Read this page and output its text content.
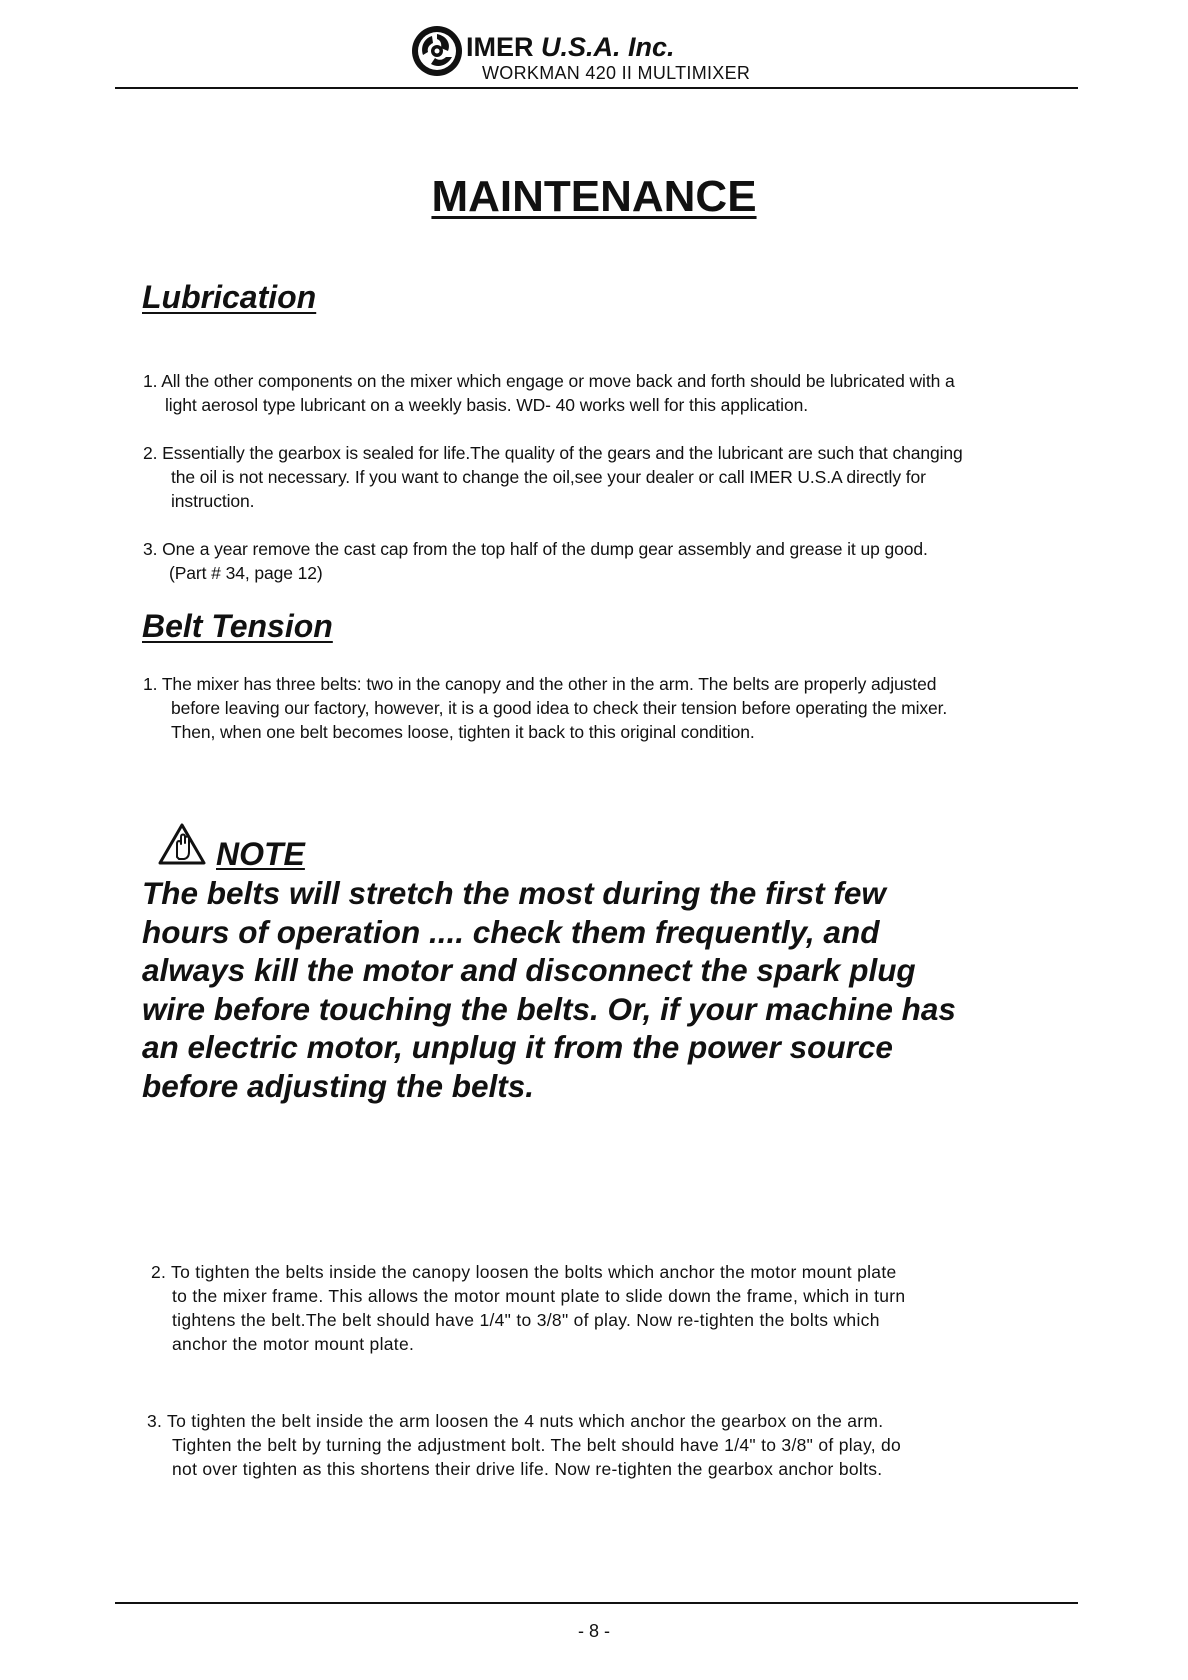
IMER U.S.A. Inc.
WORKMAN 420 II MULTIMIXER
MAINTENANCE
Lubrication
1. All the other components on the mixer which engage or move back and forth should be lubricated with a
light aerosol type lubricant on a weekly basis. WD- 40 works well for this application.
2. Essentially the gearbox is sealed for life.The quality of the gears and the lubricant are such that changing
the oil is not necessary. If you want to change the oil,see your dealer or call IMER U.S.A directly for
instruction.
3. One a year remove the cast cap from the top half of the dump gear assembly and grease it up good.
(Part # 34, page 12)
Belt Tension
1. The mixer has three belts: two in the canopy and the other in the arm. The belts are properly adjusted
before leaving our factory, however, it is a good idea to check their tension before operating the mixer.
Then, when one belt becomes loose, tighten it back to this original condition.
NOTE
The belts will stretch the most during the first few
hours of operation .... check them frequently, and
always kill the motor and disconnect the spark plug
wire before touching the belts. Or, if your machine has
an electric motor, unplug it from the power source
before adjusting the belts.
2. To tighten the belts inside the canopy loosen the bolts which anchor the motor mount plate
to the mixer frame. This allows the motor mount plate to slide down the frame, which in turn
tightens the belt.The belt should have 1/4" to 3/8" of play. Now re-tighten the bolts which
anchor the motor mount plate.
3. To tighten the belt inside the arm loosen the 4 nuts which anchor the gearbox on the arm.
Tighten the belt by turning the adjustment bolt. The belt should have 1/4" to 3/8" of play, do
not over tighten as this shortens their drive life. Now re-tighten the gearbox anchor bolts.
- 8 -
